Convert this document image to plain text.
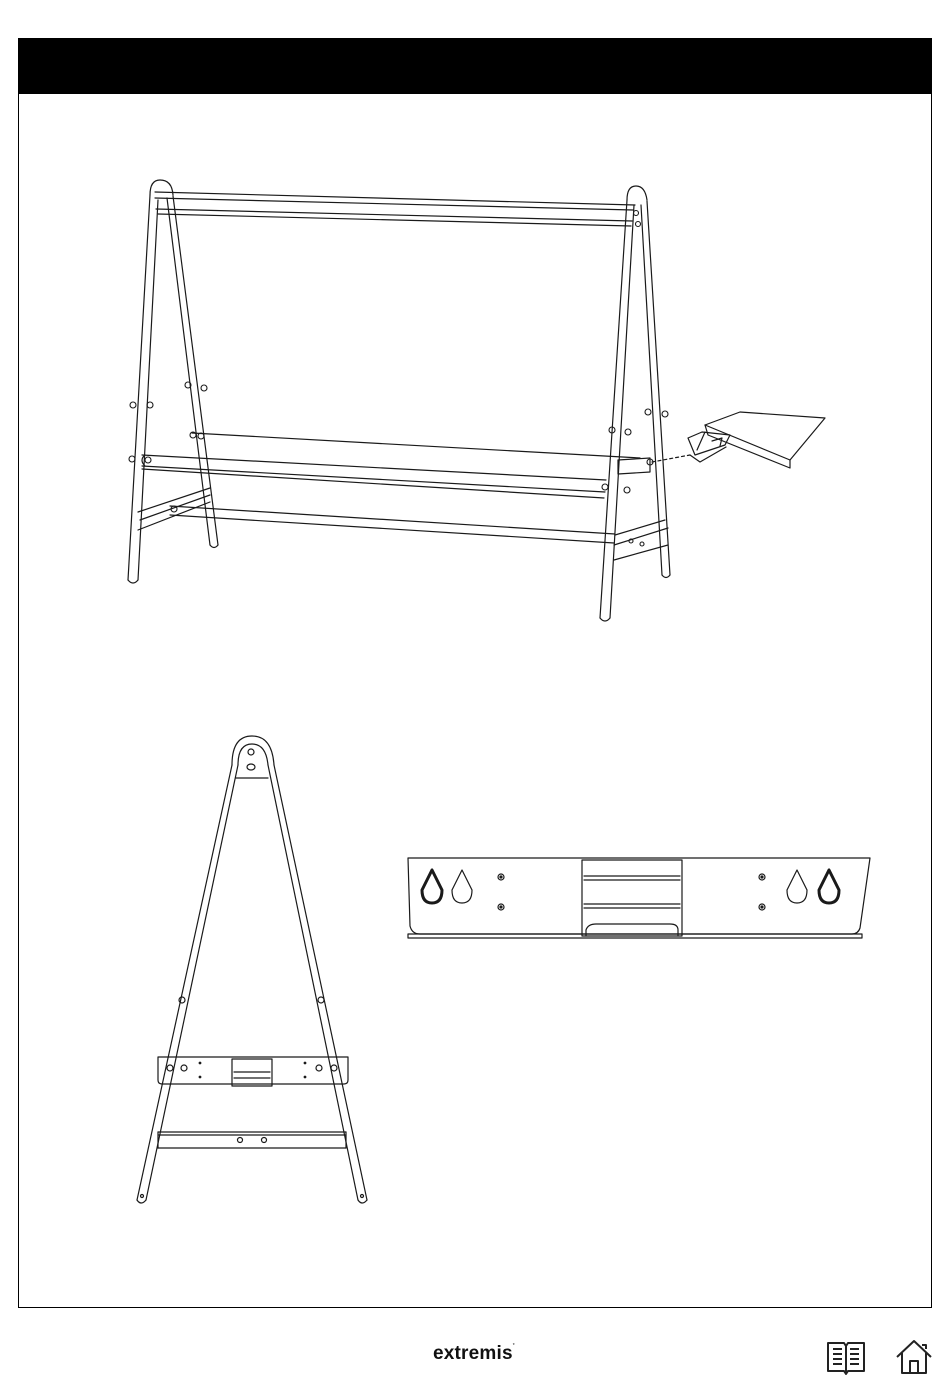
extremis*
